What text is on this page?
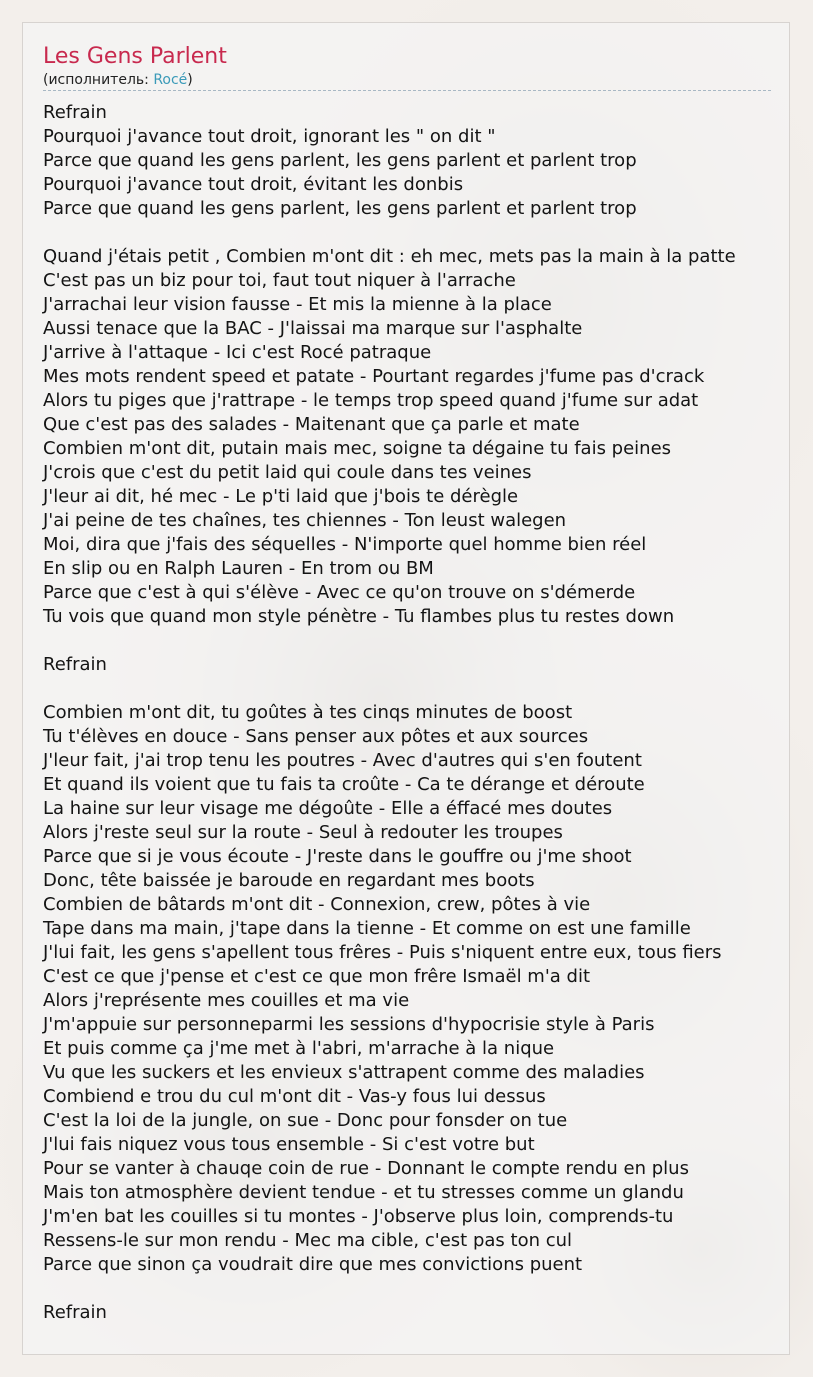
Les Gens Parlent
(исполнитель: Rocé)
Refrain
Pourquoi j'avance tout droit, ignorant les " on dit "
Parce que quand les gens parlent, les gens parlent et parlent trop
Pourquoi j'avance tout droit, évitant les donbis
Parce que quand les gens parlent, les gens parlent et parlent trop
Quand j'étais petit , Combien m'ont dit : eh mec, mets pas la main à la patte
C'est pas un biz pour toi, faut tout niquer à l'arrache
J'arrachai leur vision fausse - Et mis la mienne à la place
Aussi tenace que la BAC - J'laissai ma marque sur l'asphalte
J'arrive à l'attaque - Ici c'est Rocé patraque
Mes mots rendent speed et patate - Pourtant regardes j'fume pas d'crack
Alors tu piges que j'rattrape - le temps trop speed quand j'fume sur adat
Que c'est pas des salades - Maitenant que ça parle et mate
Combien m'ont dit, putain mais mec, soigne ta dégaine tu fais peines
J'crois que c'est du petit laid qui coule dans tes veines
J'leur ai dit, hé mec - Le p'ti laid que j'bois te dérègle
J'ai peine de tes chaînes, tes chiennes - Ton leust walegen
Moi, dira que j'fais des séquelles - N'importe quel homme bien réel
En slip ou en Ralph Lauren - En trom ou BM
Parce que c'est à qui s'élève - Avec ce qu'on trouve on s'démerde
Tu vois que quand mon style pénètre - Tu flambes plus tu restes down
Refrain
Combien m'ont dit, tu goûtes à tes cinqs minutes de boost
Tu t'élèves en douce - Sans penser aux pôtes et aux sources
J'leur fait, j'ai trop tenu les poutres - Avec d'autres qui s'en foutent
Et quand ils voient que tu fais ta croûte - Ca te dérange et déroute
La haine sur leur visage me dégoûte - Elle a éffacé mes doutes
Alors j'reste seul sur la route - Seul à redouter les troupes
Parce que si je vous écoute - J'reste dans le gouffre ou j'me shoot
Donc, tête baissée je baroude en regardant mes boots
Combien de bâtards m'ont dit - Connexion, crew, pôtes à vie
Tape dans ma main, j'tape dans la tienne - Et comme on est une famille
J'lui fait, les gens s'apellent tous frêres - Puis s'niquent entre eux, tous fiers
C'est ce que j'pense et c'est ce que mon frêre Ismaël m'a dit
Alors j'représente mes couilles et ma vie
J'm'appuie sur personneparmi les sessions d'hypocrisie style à Paris
Et puis comme ça j'me met à l'abri, m'arrache à la nique
Vu que les suckers et les envieux s'attrapent comme des maladies
Combiend e trou du cul m'ont dit - Vas-y fous lui dessus
C'est la loi de la jungle, on sue - Donc pour fonsder on tue
J'lui fais niquez vous tous ensemble - Si c'est votre but
Pour se vanter à chauqe coin de rue - Donnant le compte rendu en plus
Mais ton atmosphère devient tendue - et tu stresses comme un glandu
J'm'en bat les couilles si tu montes - J'observe plus loin, comprends-tu
Ressens-le sur mon rendu - Mec ma cible, c'est pas ton cul
Parce que sinon ça voudrait dire que mes convictions puent
Refrain
